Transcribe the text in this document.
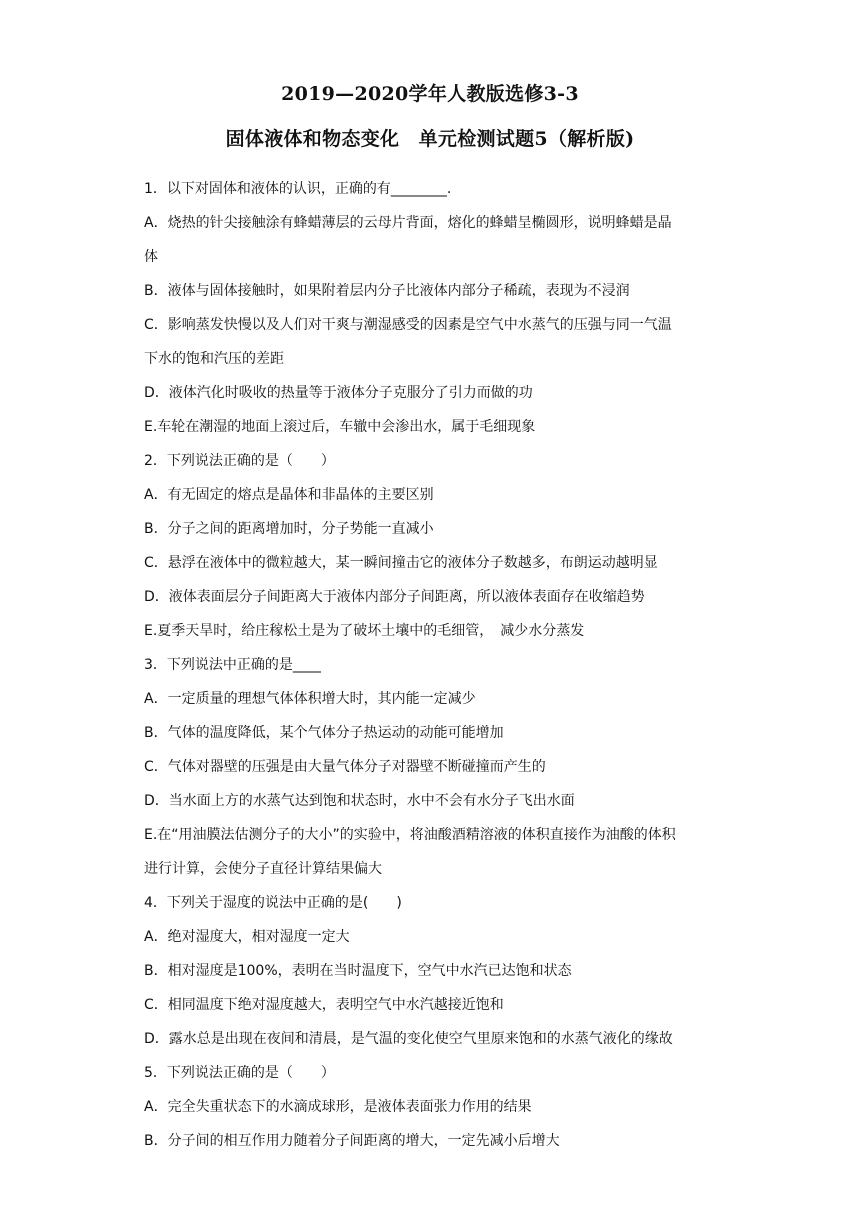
2019—2020学年人教版选修3-3
固体液体和物态变化　单元检测试题5（解析版)
1．以下对固体和液体的认识，正确的有________.
A．烧热的针尖接触涂有蜂蜡薄层的云母片背面，熔化的蜂蜡呈椭圆形，说明蜂蜡是晶
体
B．液体与固体接触时，如果附着层内分子比液体内部分子稀疏，表现为不浸润
C．影响蒸发快慢以及人们对干爽与潮湿感受的因素是空气中水蒸气的压强与同一气温
下水的饱和汽压的差距
D．液体汽化时吸收的热量等于液体分子克服分了引力而做的功
E.车轮在潮湿的地面上滚过后，车辙中会渗出水，属于毛细现象
2．下列说法正确的是（　　）
A．有无固定的熔点是晶体和非晶体的主要区别
B．分子之间的距离增加时，分子势能一直减小
C．悬浮在液体中的微粒越大，某一瞬间撞击它的液体分子数越多，布朗运动越明显
D．液体表面层分子间距离大于液体内部分子间距离，所以液体表面存在收缩趋势
E.夏季天旱时，给庄稼松土是为了破坏土壤中的毛细管，　减少水分蒸发
3．下列说法中正确的是____
A．一定质量的理想气体体积增大时，其内能一定减少
B．气体的温度降低，某个气体分子热运动的动能可能增加
C．气体对器壁的压强是由大量气体分子对器壁不断碰撞而产生的
D．当水面上方的水蒸气达到饱和状态时，水中不会有水分子飞出水面
E.在“用油膜法估测分子的大小”的实验中，将油酸酒精溶液的体积直接作为油酸的体积
进行计算，会使分子直径计算结果偏大
4．下列关于湿度的说法中正确的是(　　)
A．绝对湿度大，相对湿度一定大
B．相对湿度是100%，表明在当时温度下，空气中水汽已达饱和状态
C．相同温度下绝对湿度越大，表明空气中水汽越接近饱和
D．露水总是出现在夜间和清晨，是气温的变化使空气里原来饱和的水蒸气液化的缘故
5．下列说法正确的是（　　）
A．完全失重状态下的水滴成球形，是液体表面张力作用的结果
B．分子间的相互作用力随着分子间距离的增大，一定先减小后增大
